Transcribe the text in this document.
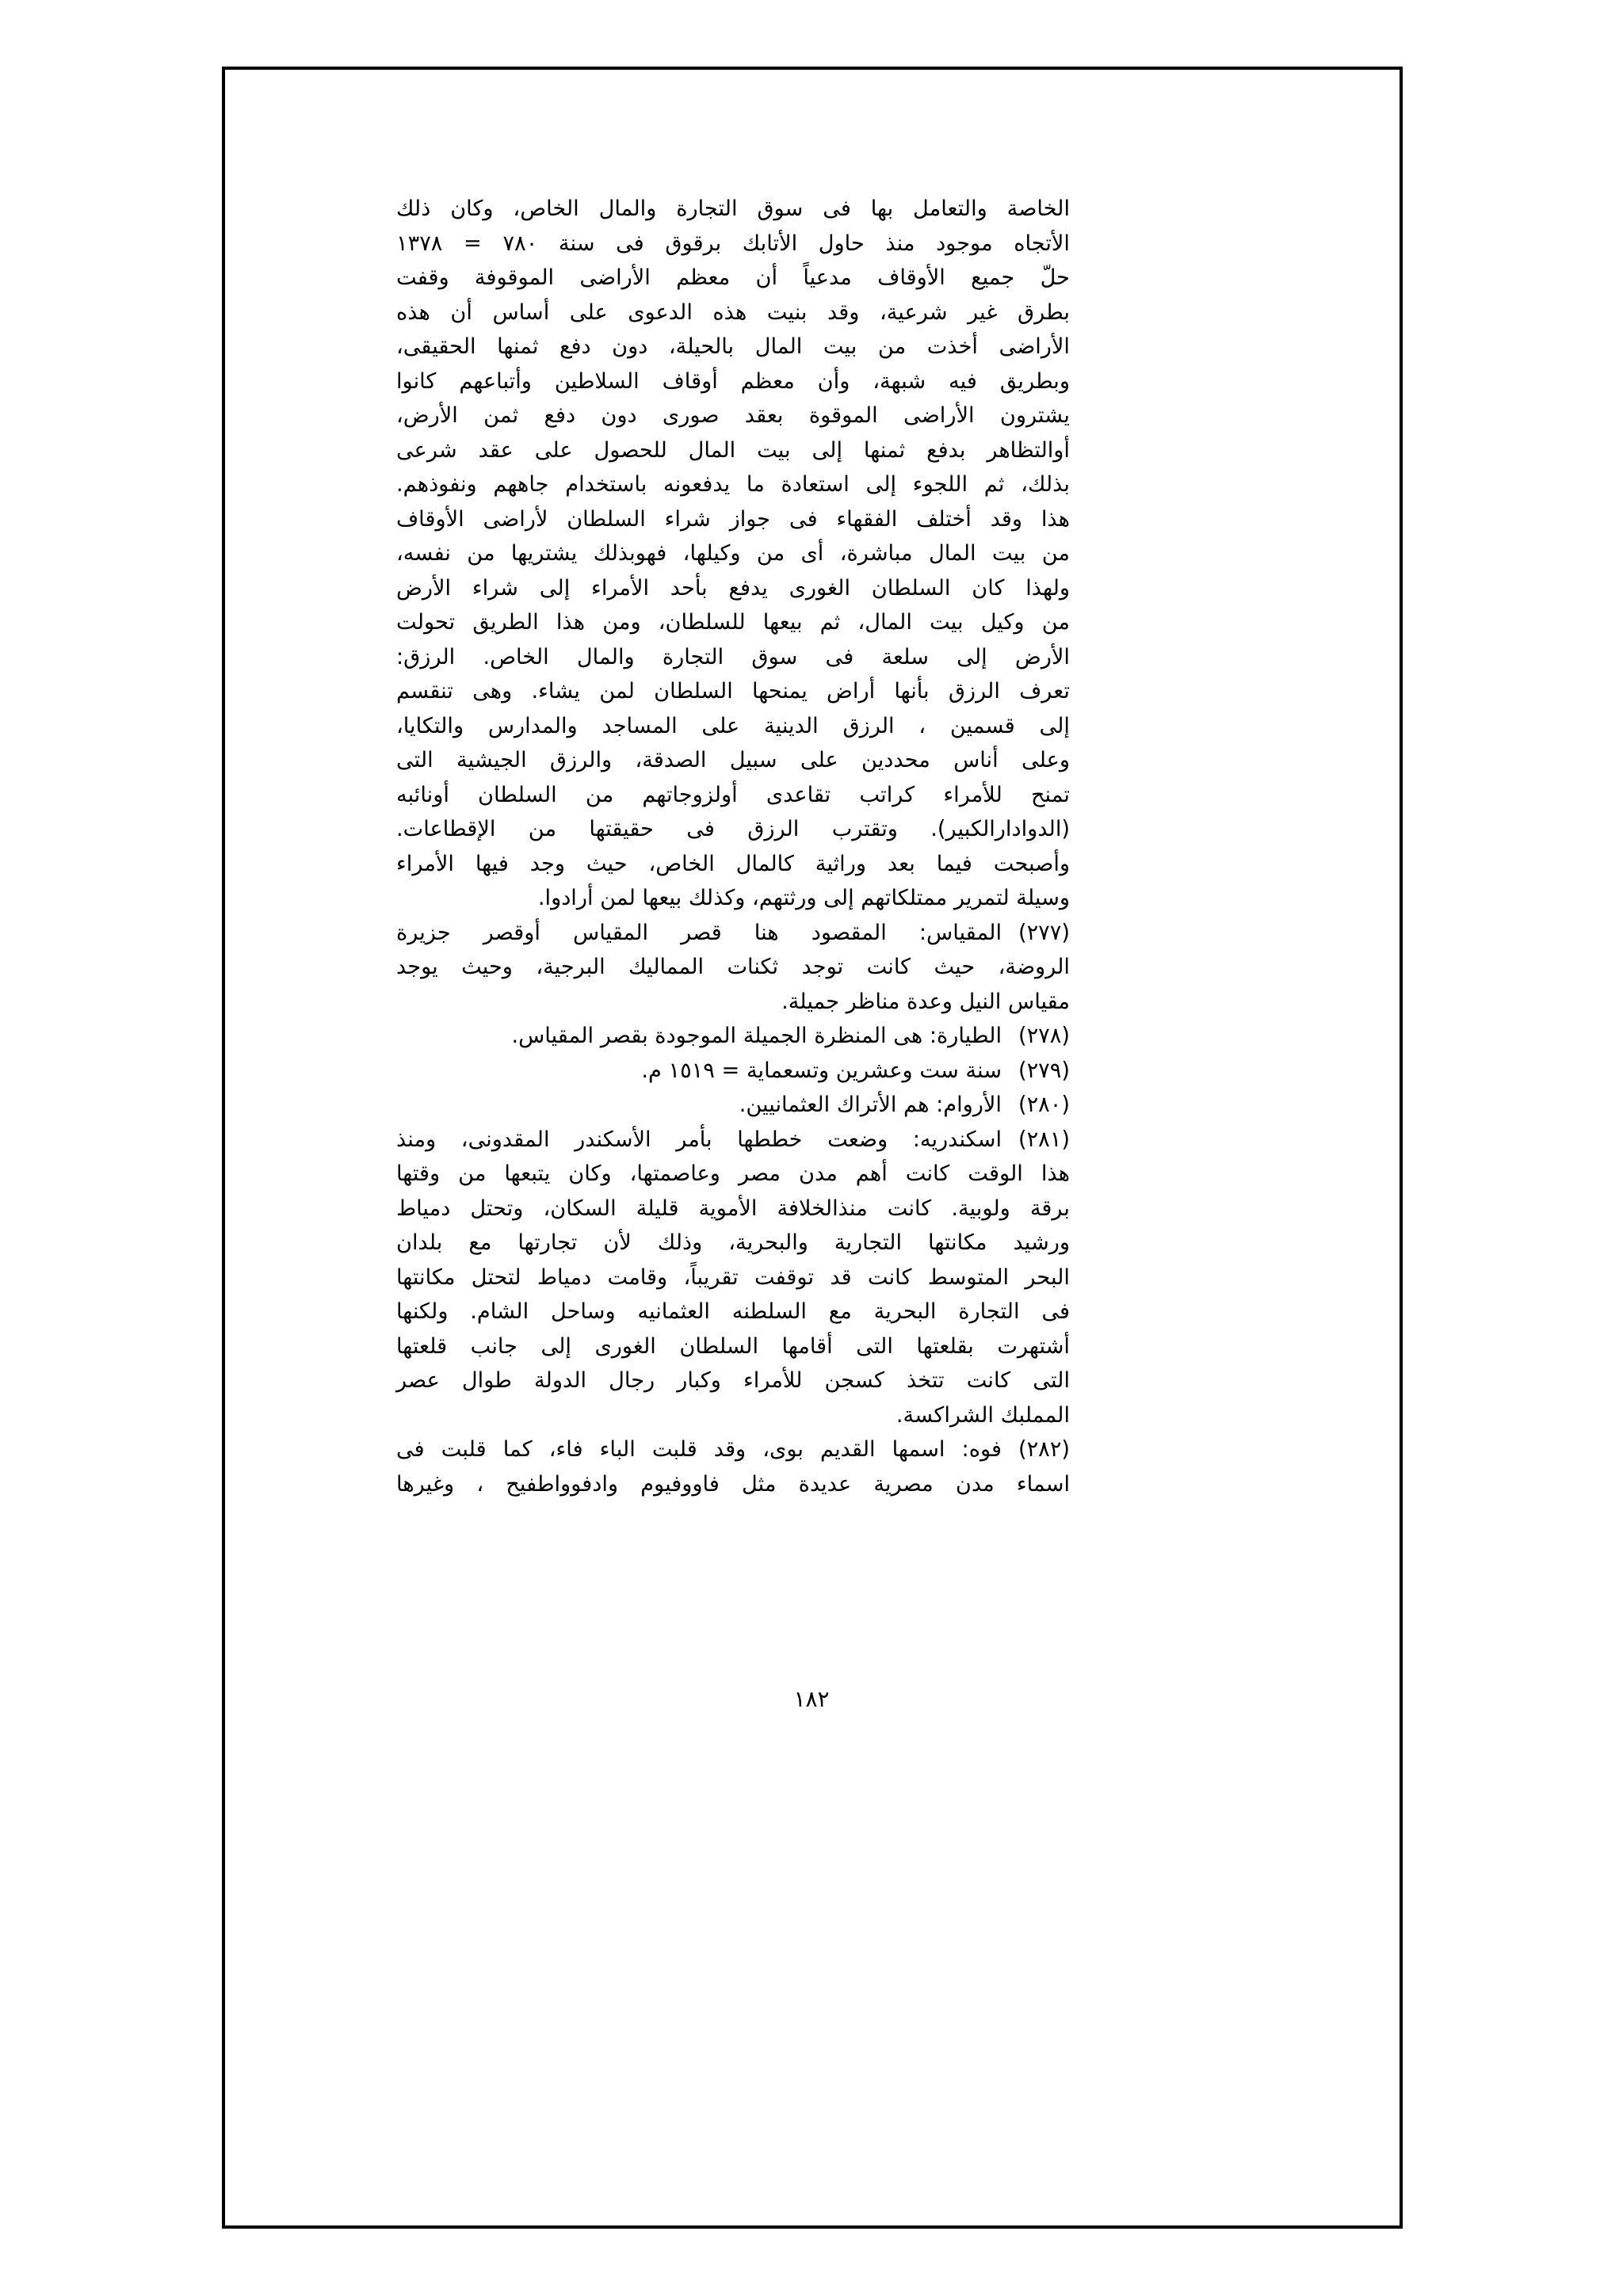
الخاصة والتعامل بها فى سوق التجارة والمال الخاص، وكان ذلك
الأتجاه موجود منذ حاول الأتابك برقوق فى سنة ٧٨٠ = ١٣٧٨
حلّ جميع الأوقاف مدعياً أن معظم الأراضى الموقوفة وقفت
بطرق غير شرعية، وقد بنيت هذه الدعوى على أساس أن هذه
الأراضى أخذت من بيت المال بالحيلة، دون دفع ثمنها الحقيقى،
وبطريق فيه شبهة، وأن معظم أوقاف السلاطين وأتباعهم كانوا
يشترون الأراضى الموقوة بعقد صورى دون دفع ثمن الأرض،
أوالتظاهر بدفع ثمنها إلى بيت المال للحصول على عقد شرعى
بذلك، ثم اللجوء إلى استعادة ما يدفعونه باستخدام جاههم ونفوذهم.
هذا وقد أختلف الفقهاء فى جواز شراء السلطان لأراضى الأوقاف
من بيت المال مباشرة، أى من وكيلها، فهوبذلك يشتريها من نفسه،
ولهذا كان السلطان الغورى يدفع بأحد الأمراء إلى شراء الأرض
من وكيل بيت المال، ثم بيعها للسلطان، ومن هذا الطريق تحولت
الأرض إلى سلعة فى سوق التجارة والمال الخاص. الرزق:
تعرف الرزق بأنها أراض يمنحها السلطان لمن يشاء. وهى تنقسم
إلى قسمين ، الرزق الدينية على المساجد والمدارس والتكايا،
وعلى أناس محددين على سبيل الصدقة، والرزق الجيشية التى
تمنح للأمراء كراتب تقاعدى أولزوجاتهم من السلطان أونائبه
(الدوادارالكبير). وتقترب الرزق فى حقيقتها من الإقطاعات.
وأصبحت فيما بعد وراثية كالمال الخاص، حيث وجد فيها الأمراء
وسيلة لتمرير ممتلكاتهم إلى ورثتهم، وكذلك بيعها لمن أرادوا.
(٢٧٧)
المقياس: المقصود هنا قصر المقياس أوقصر جزيرة
الروضة، حيث كانت توجد ثكنات المماليك البرجية، وحيث يوجد
مقياس النيل وعدة مناظر جميلة.
(٢٧٨)
الطيارة: هى المنظرة الجميلة الموجودة بقصر المقياس.
(٢٧٩)
سنة ست وعشرين وتسعماية = ١٥١٩ م.
(٢٨٠)
الأروام: هم الأتراك العثمانيين.
(٢٨١)
اسكندريه: وضعت خططها بأمر الأسكندر المقدونى، ومنذ
هذا الوقت كانت أهم مدن مصر وعاصمتها، وكان يتبعها من وقتها
برقة ولوبية. كانت منذالخلافة الأموية قليلة السكان، وتحتل دمياط
ورشيد مكانتها التجارية والبحرية، وذلك لأن تجارتها مع بلدان
البحر المتوسط كانت قد توقفت تقريباً، وقامت دمياط لتحتل مكانتها
فى التجارة البحرية مع السلطنه العثمانيه وساحل الشام. ولكنها
أشتهرت بقلعتها التى أقامها السلطان الغورى إلى جانب قلعتها
التى كانت تتخذ كسجن للأمراء وكبار رجال الدولة طوال عصر
المملبك الشراكسة.
(٢٨٢)
فوه: اسمها القديم بوى، وقد قلبت الباء فاء، كما قلبت فى
اسماء مدن مصرية عديدة مثل فاووفيوم وادفوواطفيح ، وغيرها
١٨٢
